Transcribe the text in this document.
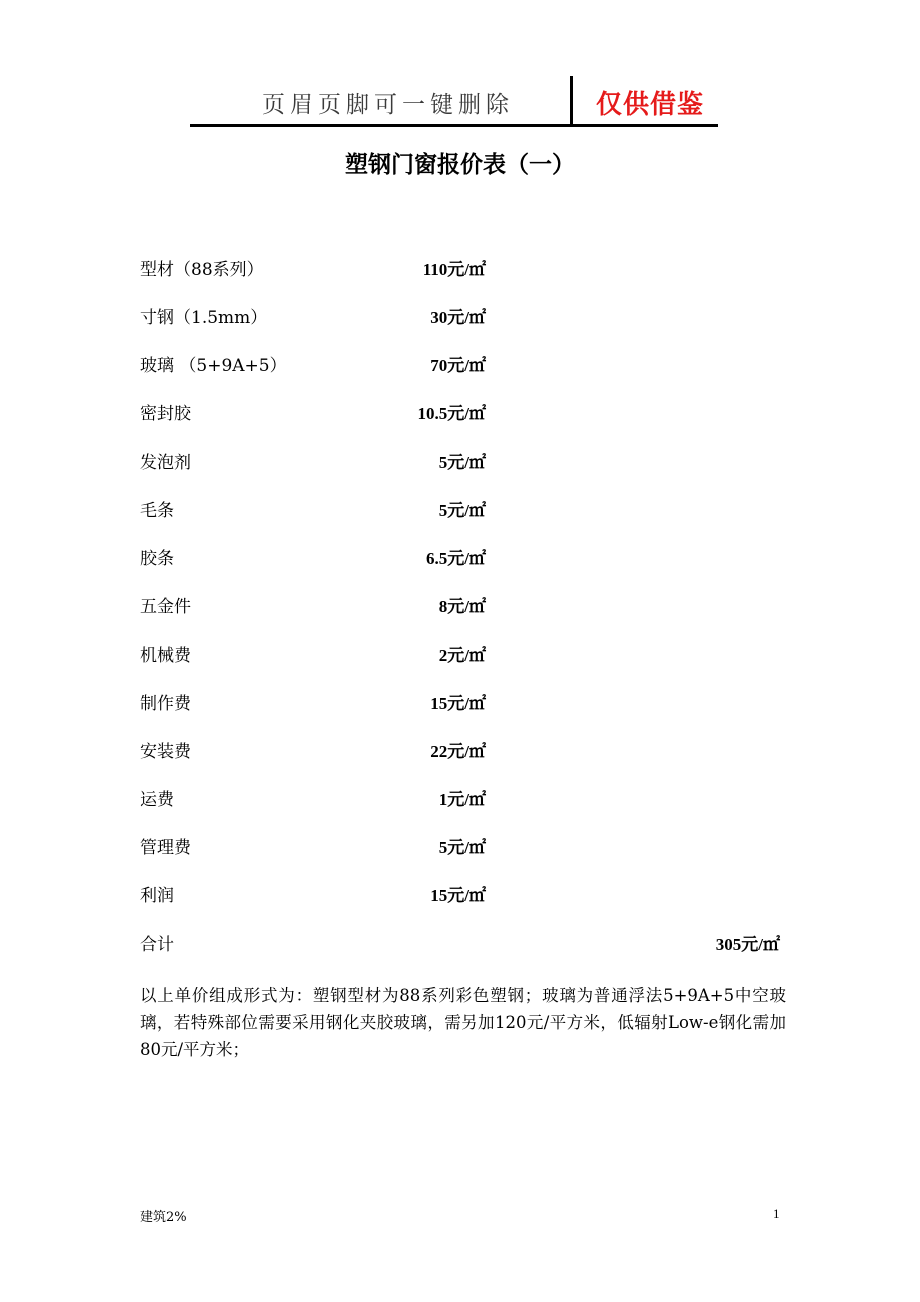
页眉页脚可一键删除	仅供借鉴
塑钢门窗报价表（一）
型材（88系列）	110元/㎡
寸钢（1.5mm）	30元/㎡
玻璃 （5+9A+5）	70元/㎡
密封胶	10.5元/㎡
发泡剂	5元/㎡
毛条	5元/㎡
胶条	6.5元/㎡
五金件	8元/㎡
机械费	2元/㎡
制作费	15元/㎡
安装费	22元/㎡
运费	1元/㎡
管理费	5元/㎡
利润	15元/㎡
合计	305元/㎡
以上单价组成形式为：塑钢型材为88系列彩色塑钢；玻璃为普通浮法5+9A+5中空玻璃，若特殊部位需要采用钢化夹胶玻璃，需另加120元/平方米，低辐射Low-e钢化需加80元/平方米；
建筑2%	1
